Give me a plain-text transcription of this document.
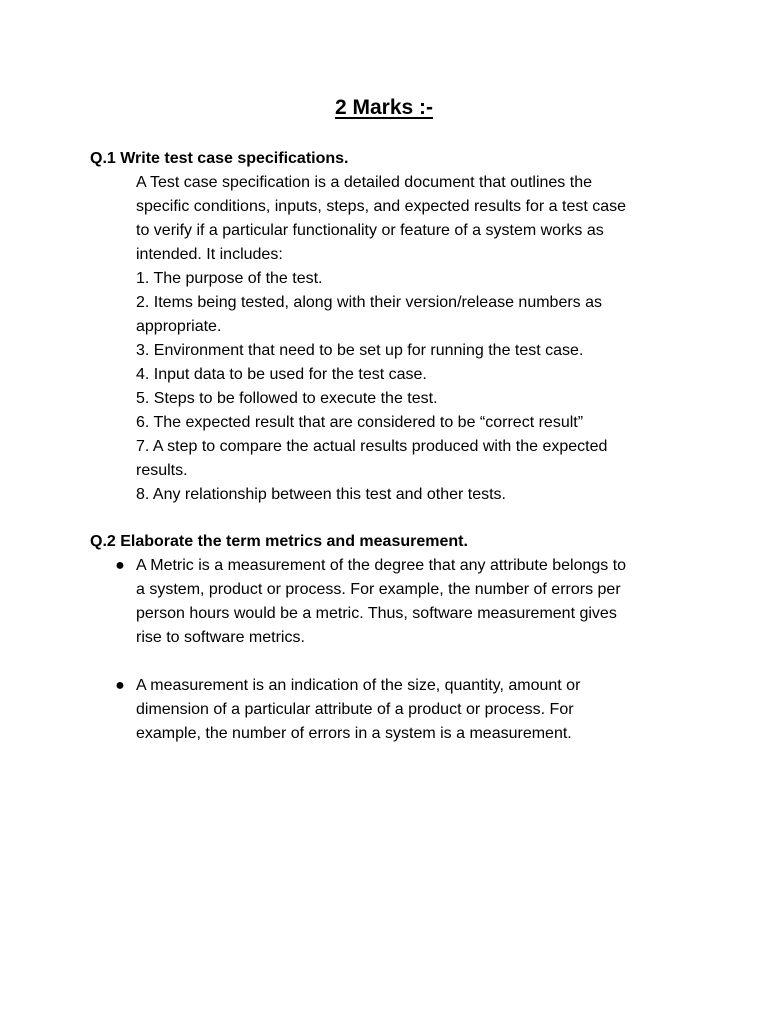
2 Marks :-
Q.1 Write test case specifications.
A Test case specification is a detailed document that outlines the
specific conditions, inputs, steps, and expected results for a test case
to verify if a particular functionality or feature of a system works as
intended. It includes:
1. The purpose of the test.
2. Items being tested, along with their version/release numbers as
appropriate.
3. Environment that need to be set up for running the test case.
4. Input data to be used for the test case.
5. Steps to be followed to execute the test.
6. The expected result that are considered to be “correct result”
7. A step to compare the actual results produced with the expected
results.
8. Any relationship between this test and other tests.
Q.2 Elaborate the term metrics and measurement.
● A Metric is a measurement of the degree that any attribute belongs to
a system, product or process. For example, the number of errors per
person hours would be a metric. Thus, software measurement gives
rise to software metrics.
● A measurement is an indication of the size, quantity, amount or
dimension of a particular attribute of a product or process. For
example, the number of errors in a system is a measurement.
